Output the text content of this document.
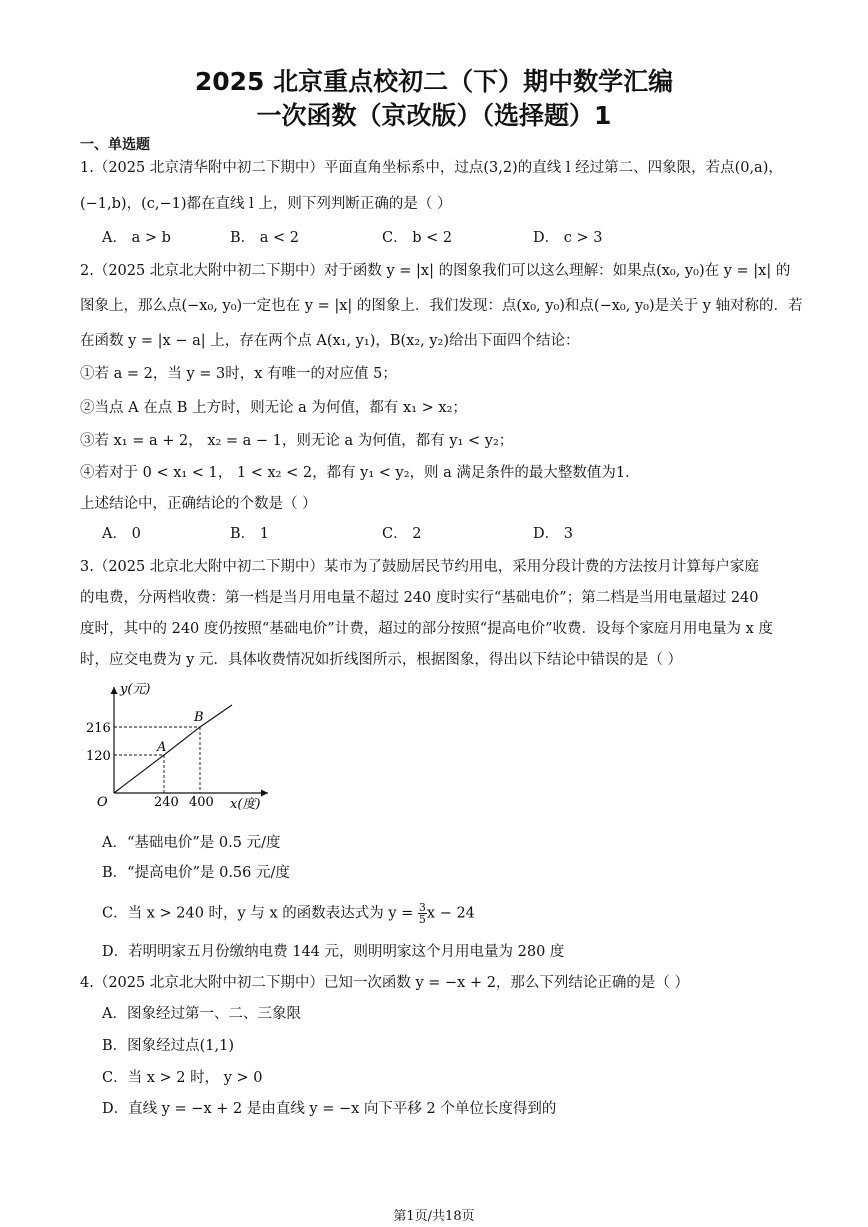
2025 北京重点校初二（下）期中数学汇编
一次函数（京改版）（选择题）1
一、单选题
1.（2025 北京清华附中初二下期中）平面直角坐标系中，过点(3,2)的直线 l 经过第二、四象限，若点(0,a)，
(−1,b)，(c,−1)都在直线 l 上，则下列判断正确的是（ ）
A． a > b	B． a < 2	C． b < 2	D． c > 3
2.（2025 北京北大附中初二下期中）对于函数 y = |x| 的图象我们可以这么理解：如果点(x₀, y₀)在 y = |x| 的
图象上，那么点(−x₀, y₀)一定也在 y = |x| 的图象上．我们发现：点(x₀, y₀)和点(−x₀, y₀)是关于 y 轴对称的．若
在函数 y = |x − a| 上，存在两个点 A(x₁, y₁)，B(x₂, y₂)给出下面四个结论：
①若 a = 2，当 y = 3时，x 有唯一的对应值 5；
②当点 A 在点 B 上方时，则无论 a 为何值，都有 x₁ > x₂；
③若 x₁ = a + 2， x₂ = a − 1，则无论 a 为何值，都有 y₁ < y₂；
④若对于 0 < x₁ < 1， 1 < x₂ < 2，都有 y₁ < y₂，则 a 满足条件的最大整数值为1．
上述结论中，正确结论的个数是（ ）
A． 0	B． 1	C． 2	D． 3
3.（2025 北京北大附中初二下期中）某市为了鼓励居民节约用电，采用分段计费的方法按月计算每户家庭
的电费，分两档收费：第一档是当月用电量不超过 240 度时实行“基础电价”；第二档是当用电量超过 240
度时，其中的 240 度仍按照“基础电价”计费，超过的部分按照“提高电价”收费．设每个家庭月用电量为 x 度
时，应交电费为 y 元．具体收费情况如折线图所示，根据图象，得出以下结论中错误的是（ ）
y(元)
x(度)
O
A
B
216
120
240 400
A．“基础电价”是 0.5 元/度
B．“提高电价”是 0.56 元/度
C．当 x > 240 时，y 与 x 的函数表达式为 $y = \frac{3}{5}$ x − 24
D．若明明家五月份缴纳电费 144 元，则明明家这个月用电量为 280 度
4.（2025 北京北大附中初二下期中）已知一次函数 y = −x + 2，那么下列结论正确的是（ ）
A．图象经过第一、二、三象限
B．图象经过点(1,1)
C．当 x > 2 时， y > 0
D．直线 y = −x + 2 是由直线 y = −x 向下平移 2 个单位长度得到的
第1页/共18页
